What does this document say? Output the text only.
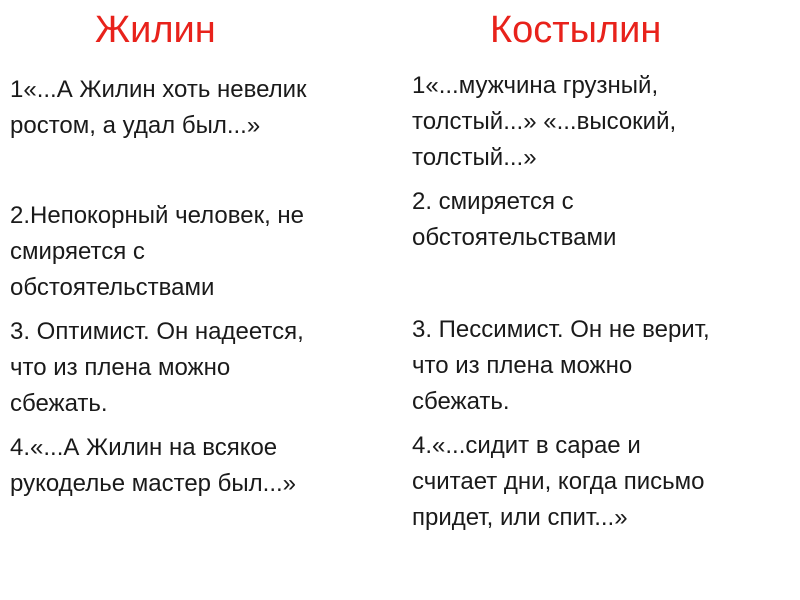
Жилин	Костылин

1«...А Жилин хоть невелик
ростом, а удал был...»

2.Непокорный человек, не
смиряется с
обстоятельствами

3. Оптимист. Он надеется,
что из плена можно
сбежать.

4.«...А Жилин на всякое
рукоделье мастер был...»

1«...мужчина грузный,
толстый...» «...высокий,
толстый...»

2. смиряется с
обстоятельствами

3. Пессимист. Он не верит,
что из плена можно
сбежать.

4.«...сидит в сарае и
считает дни, когда письмо
придет, или спит...»
